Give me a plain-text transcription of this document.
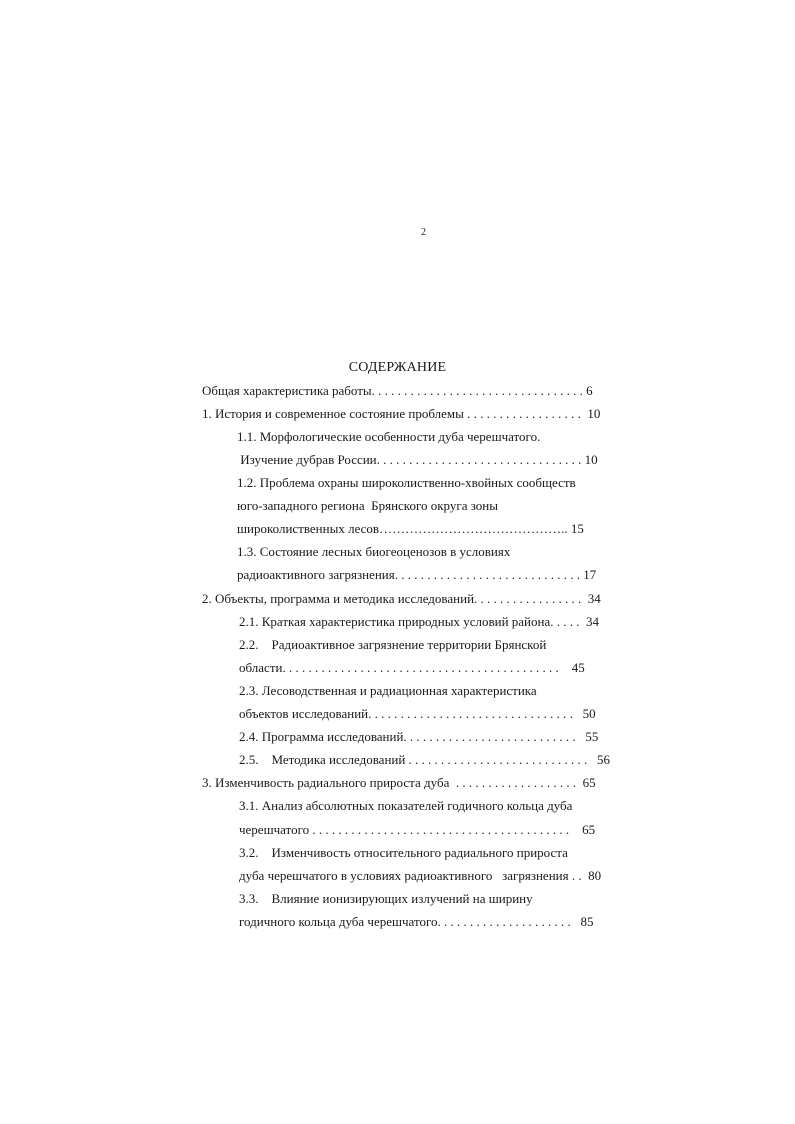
2
СОДЕРЖАНИЕ
Общая характеристика работы. . . . . . . . . . . . . . . . . . . . . . . . . . . . . . . . . 6
1. История и современное состояние проблемы . . . . . . . . . . . . . . . . . .  10
1.1. Морфологические особенности дуба черешчатого.
Изучение дубрав России. . . . . . . . . . . . . . . . . . . . . . . . . . . . . . . . 10
1.2. Проблема охраны широколиственно-хвойных сообществ
юго-западного региона  Брянского округа зоны
широколиственных лесов…………………………………….. 15
1.3. Состояние лесных биогеоценозов в условиях
радиоактивного загрязнения. . . . . . . . . . . . . . . . . . . . . . . . . . . . . 17
2. Объекты, программа и методика исследований. . . . . . . . . . . . . . . . .  34
2.1. Краткая характеристика природных условий района. . . . .  34
2.2.    Радиоактивное загрязнение территории Брянской
области. . . . . . . . . . . . . . . . . . . . . . . . . . . . . . . . . . . . . . . . . . .    45
2.3. Лесоводственная и радиационная характеристика
объектов исследований. . . . . . . . . . . . . . . . . . . . . . . . . . . . . . . .   50
2.4. Программа исследований. . . . . . . . . . . . . . . . . . . . . . . . . . .   55
2.5.    Методика исследований . . . . . . . . . . . . . . . . . . . . . . . . . . . .   56
3. Изменчивость радиального прироста дуба  . . . . . . . . . . . . . . . . . . .  65
3.1. Анализ абсолютных показателей годичного кольца дуба
черешчатого . . . . . . . . . . . . . . . . . . . . . . . . . . . . . . . . . . . . . . . .    65
3.2.    Изменчивость относительного радиального прироста
дуба черешчатого в условиях радиоактивного   загрязнения . .  80
3.3.    Влияние ионизирующих излучений на ширину
годичного кольца дуба черешчатого. . . . . . . . . . . . . . . . . . . . .   85
